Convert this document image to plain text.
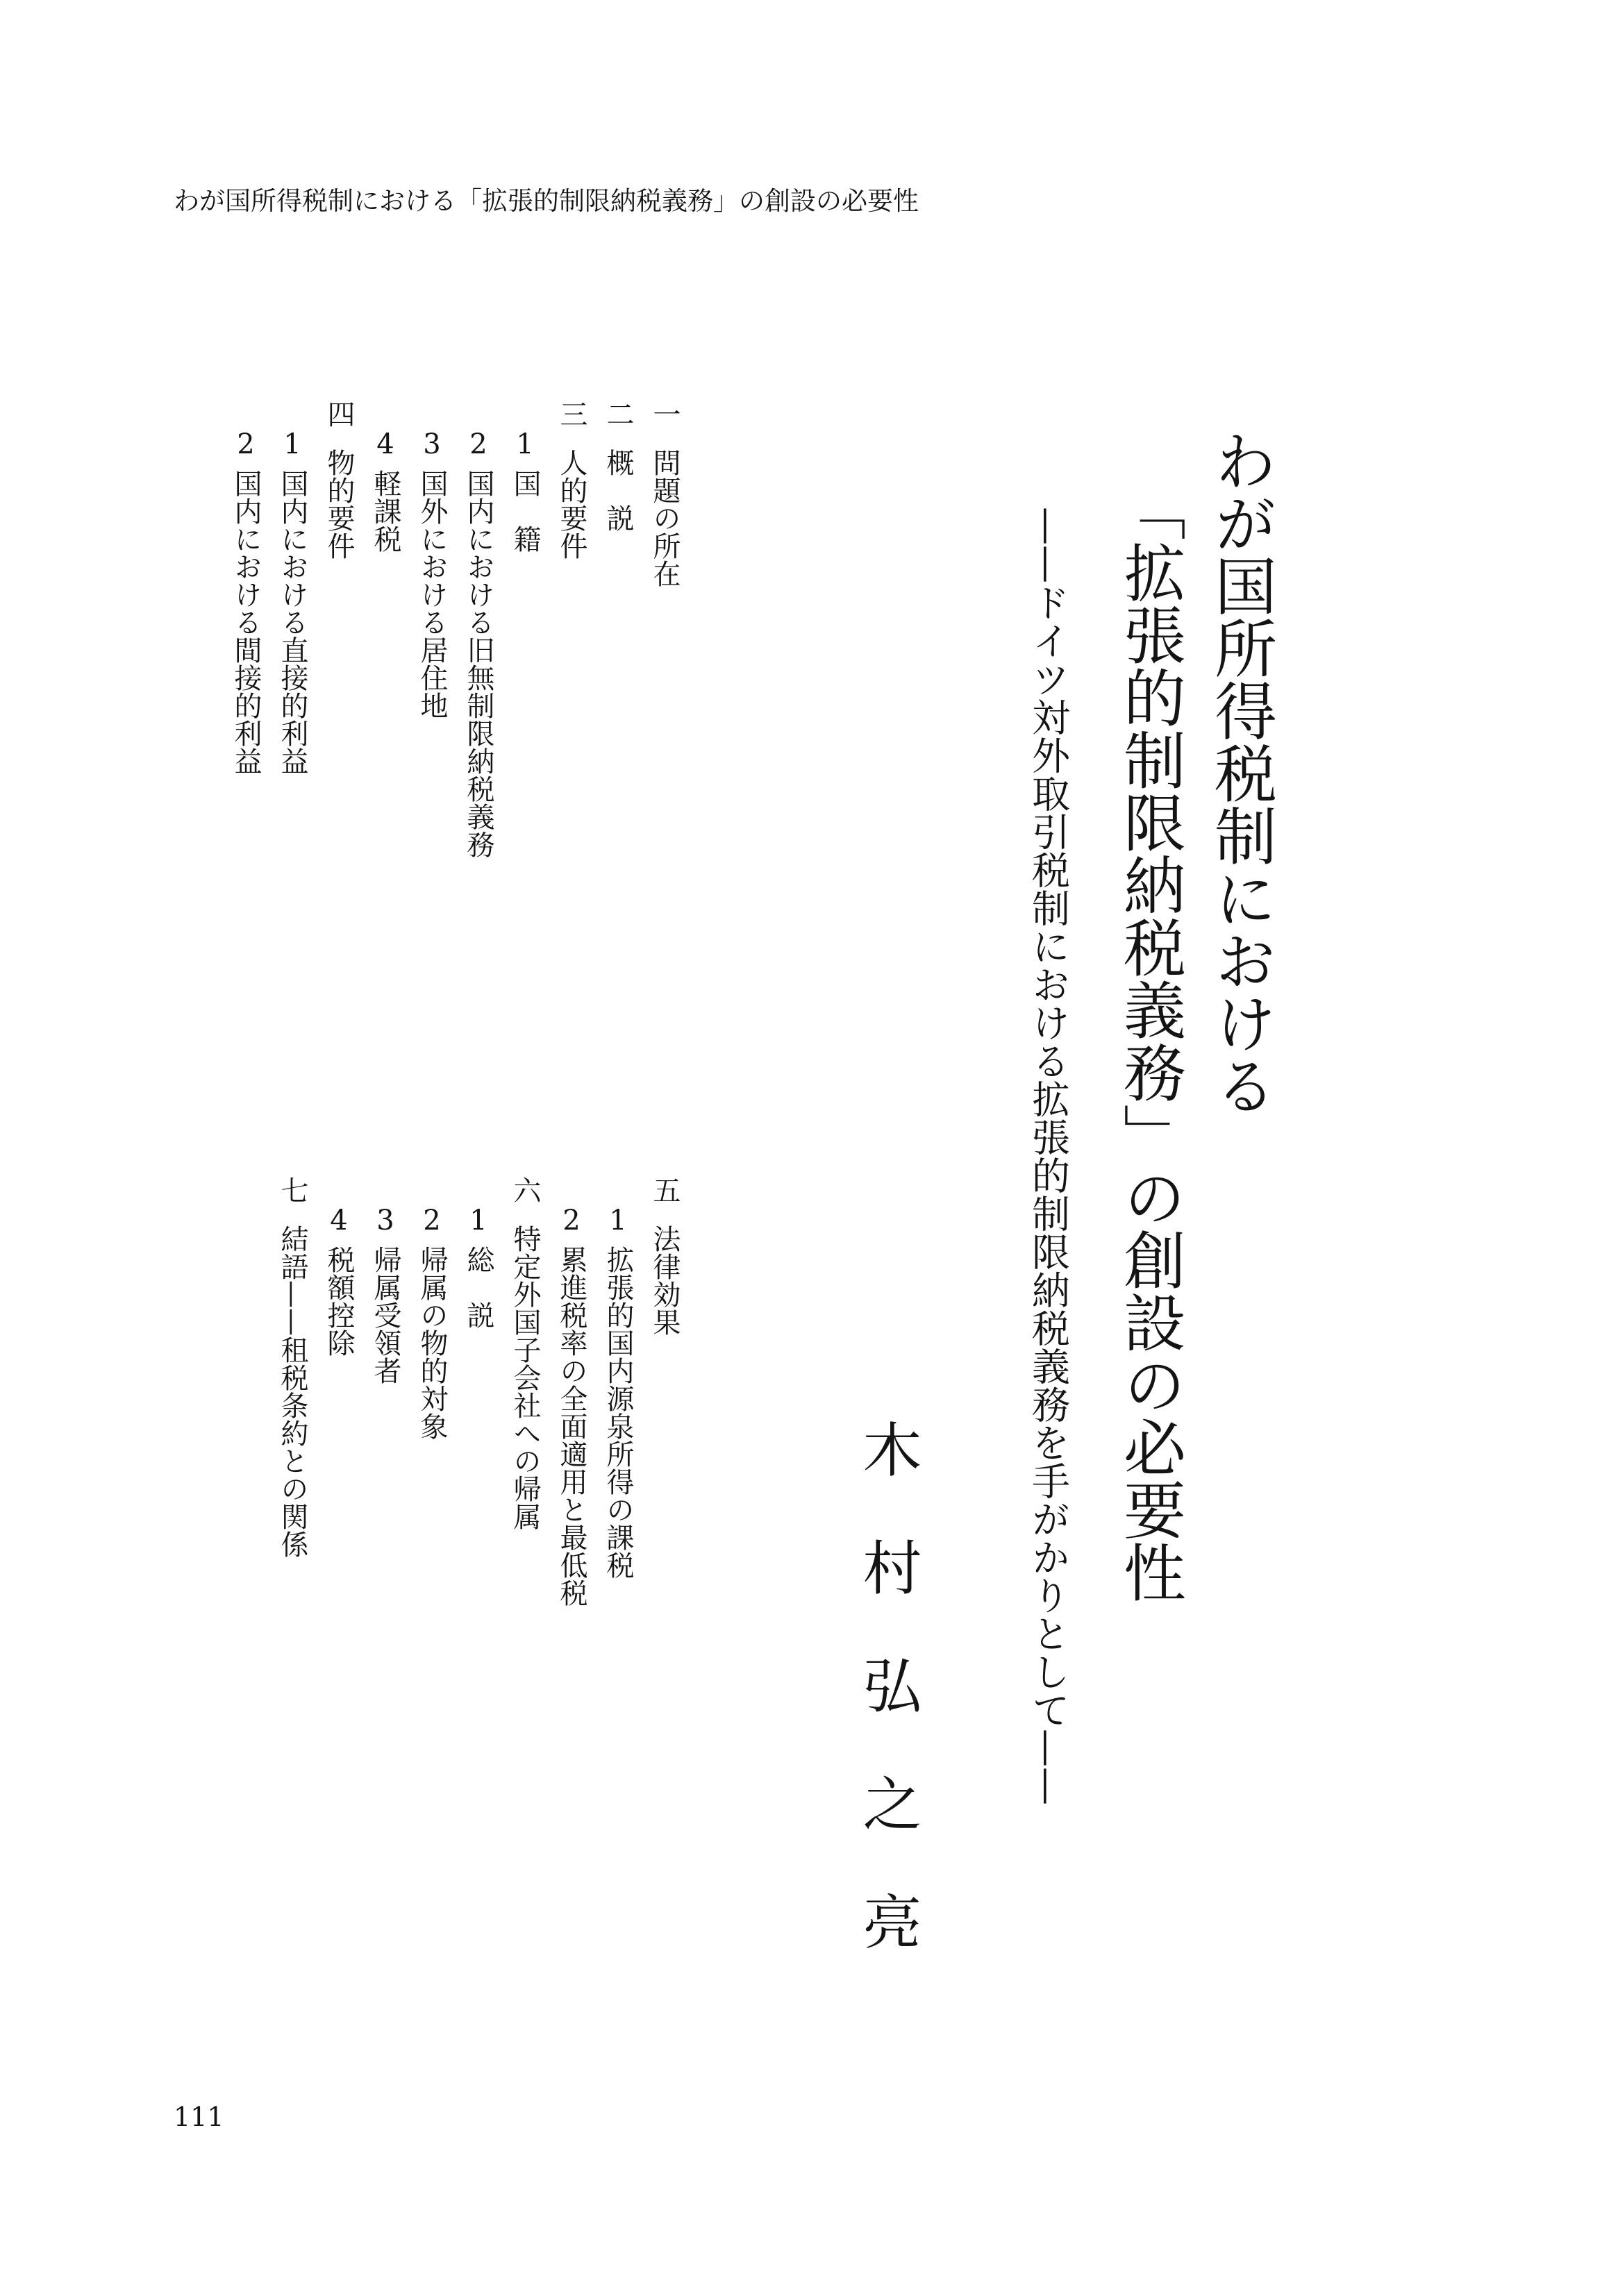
わが国所得税制における「拡張的制限納税義務」の創設の必要性
わが国所得税制における
「拡張的制限納税義務」の創設の必要性
——ドイツ対外取引税制における拡張的制限納税義務を手がかりとして——
木村弘之亮
一問題の所在
二概　説
三人的要件
1国　籍
2国内における旧無制限納税義務
3国外における居住地
4軽課税
四物的要件
1国内における直接的利益
2国内における間接的利益
五法律効果
1拡張的国内源泉所得の課税
2累進税率の全面適用と最低税
六特定外国子会社への帰属
1総　説
2帰属の物的対象
3帰属受領者
4税額控除
七結語——租税条約との関係
111
